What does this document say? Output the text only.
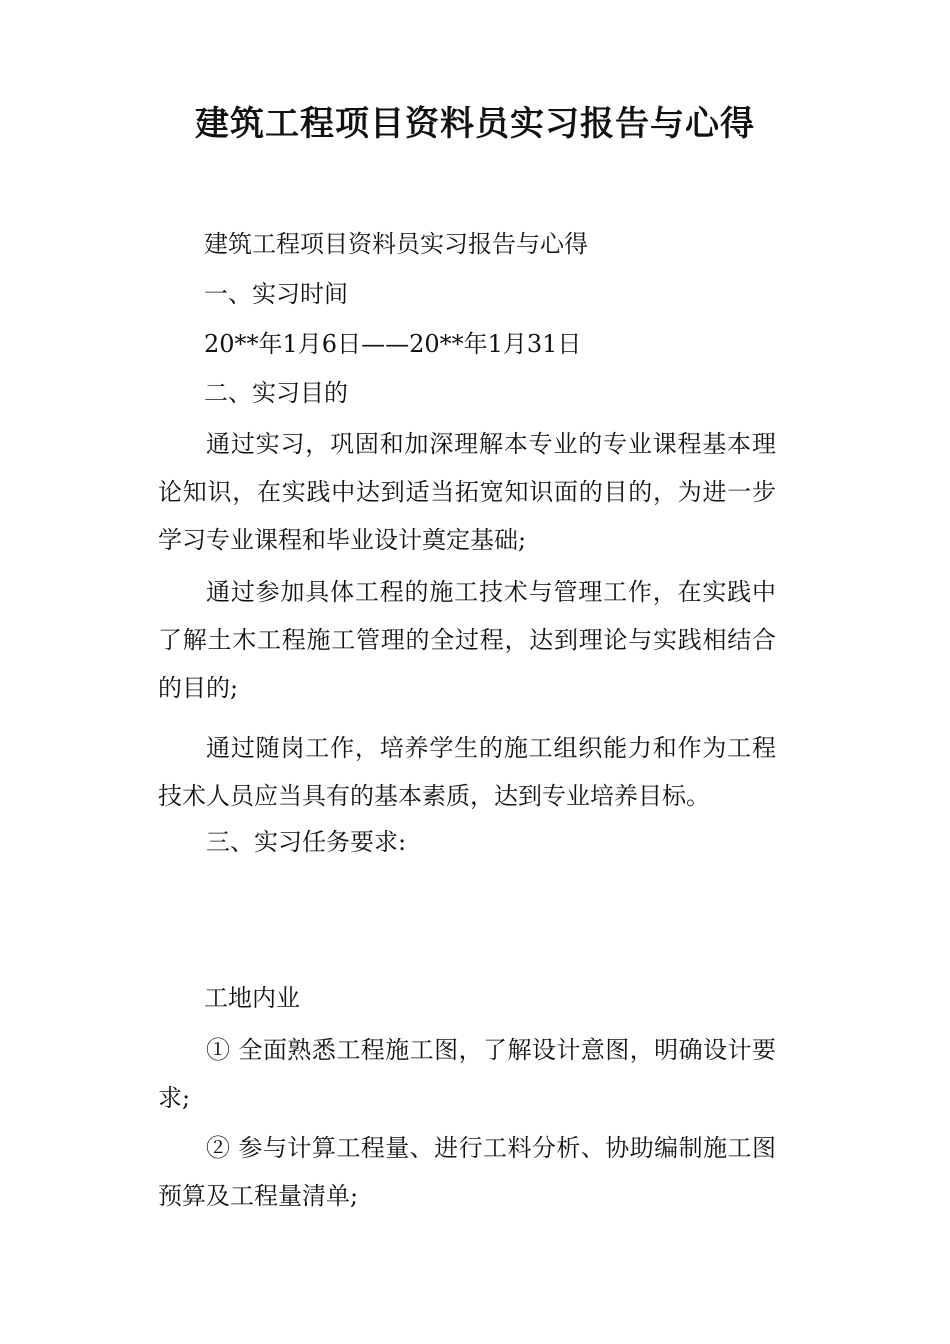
建筑工程项目资料员实习报告与心得

建筑工程项目资料员实习报告与心得

一、实习时间

20**年1月6日——20**年1月31日

二、实习目的

通过实习，巩固和加深理解本专业的专业课程基本理论知识，在实践中达到适当拓宽知识面的目的，为进一步学习专业课程和毕业设计奠定基础;

通过参加具体工程的施工技术与管理工作，在实践中了解土木工程施工管理的全过程，达到理论与实践相结合的目的;

通过随岗工作，培养学生的施工组织能力和作为工程技术人员应当具有的基本素质，达到专业培养目标。

三、实习任务要求:

工地内业

① 全面熟悉工程施工图，了解设计意图，明确设计要求;

② 参与计算工程量、进行工料分析、协助编制施工图预算及工程量清单;
